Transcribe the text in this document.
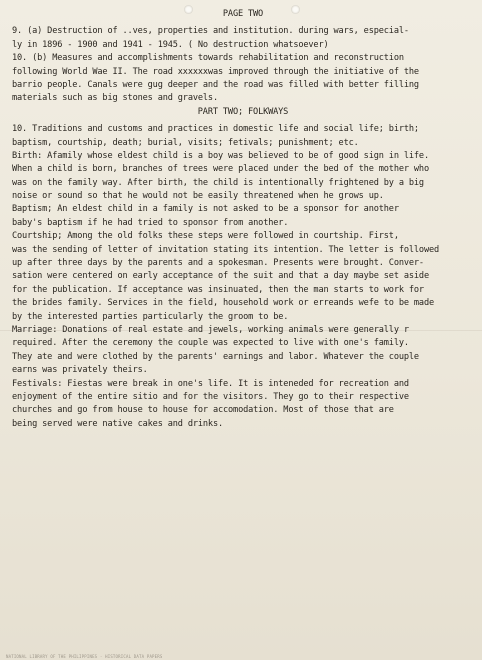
PAGE TWO
9. (a) Destruction of ..ves, properties and institution. during wars, especial-
ly in 1896 - 1900 and 1941 - 1945. ( No destruction whatsoever)
10. (b) Measures and accomplishments towards rehabilitation and reconstruction
following World Wae II. The road xxxxxxwas improved through the initiative of the
barrio people. Canals were gug deeper and the road was filled with better filling
materials such as big stones and gravels.
PART TWO; FOLKWAYS
10. Traditions and customs and practices in domestic life and social life; birth;
baptism, courtship, death; burial, visits; fetivals; punishment; etc.
Birth: Afamily whose eldest child is a boy was believed to be of good sign in life.
When a child is born, branches of trees were placed under the bed of the mother who
was on the family way. After birth, the child is intentionally frightened by a big
noise or sound so that he would not be easily threatened when he grows up.
Baptism; An eldest child in a family is not asked to be a sponsor for another
baby's baptism if he had tried to sponsor from another.
Courtship; Among the old folks these steps were followed in courtship. First,
was the sending of letter of invitation stating its intention. The letter is followed
up after three days by the parents and a spokesman. Presents were brought. Conver-
sation were centered on early acceptance of the suit and that a day maybe set aside
for the publication. If acceptance was insinuated, then the man starts to work for
the brides family. Services in the field, household work or erreands wefe to be made
by the interested parties particularly the groom to be.
Marriage: Donations of real estate and jewels, working animals were generally r
required. After the ceremony the couple was expected to live with one's family.
They ate and were clothed by the parents' earnings and labor. Whatever the couple
earns was privately theirs.
Festivals: Fiestas were break in one's life. It is inteneded for recreation and
enjoyment of the entire sitio and for the visitors. They go to their respective
churches and go from house to house for accomodation. Most of those that are
being served were native cakes and drinks.
NATIONAL LIBRARY OF THE PHILIPPINES · HISTORICAL DATA PAPERS
